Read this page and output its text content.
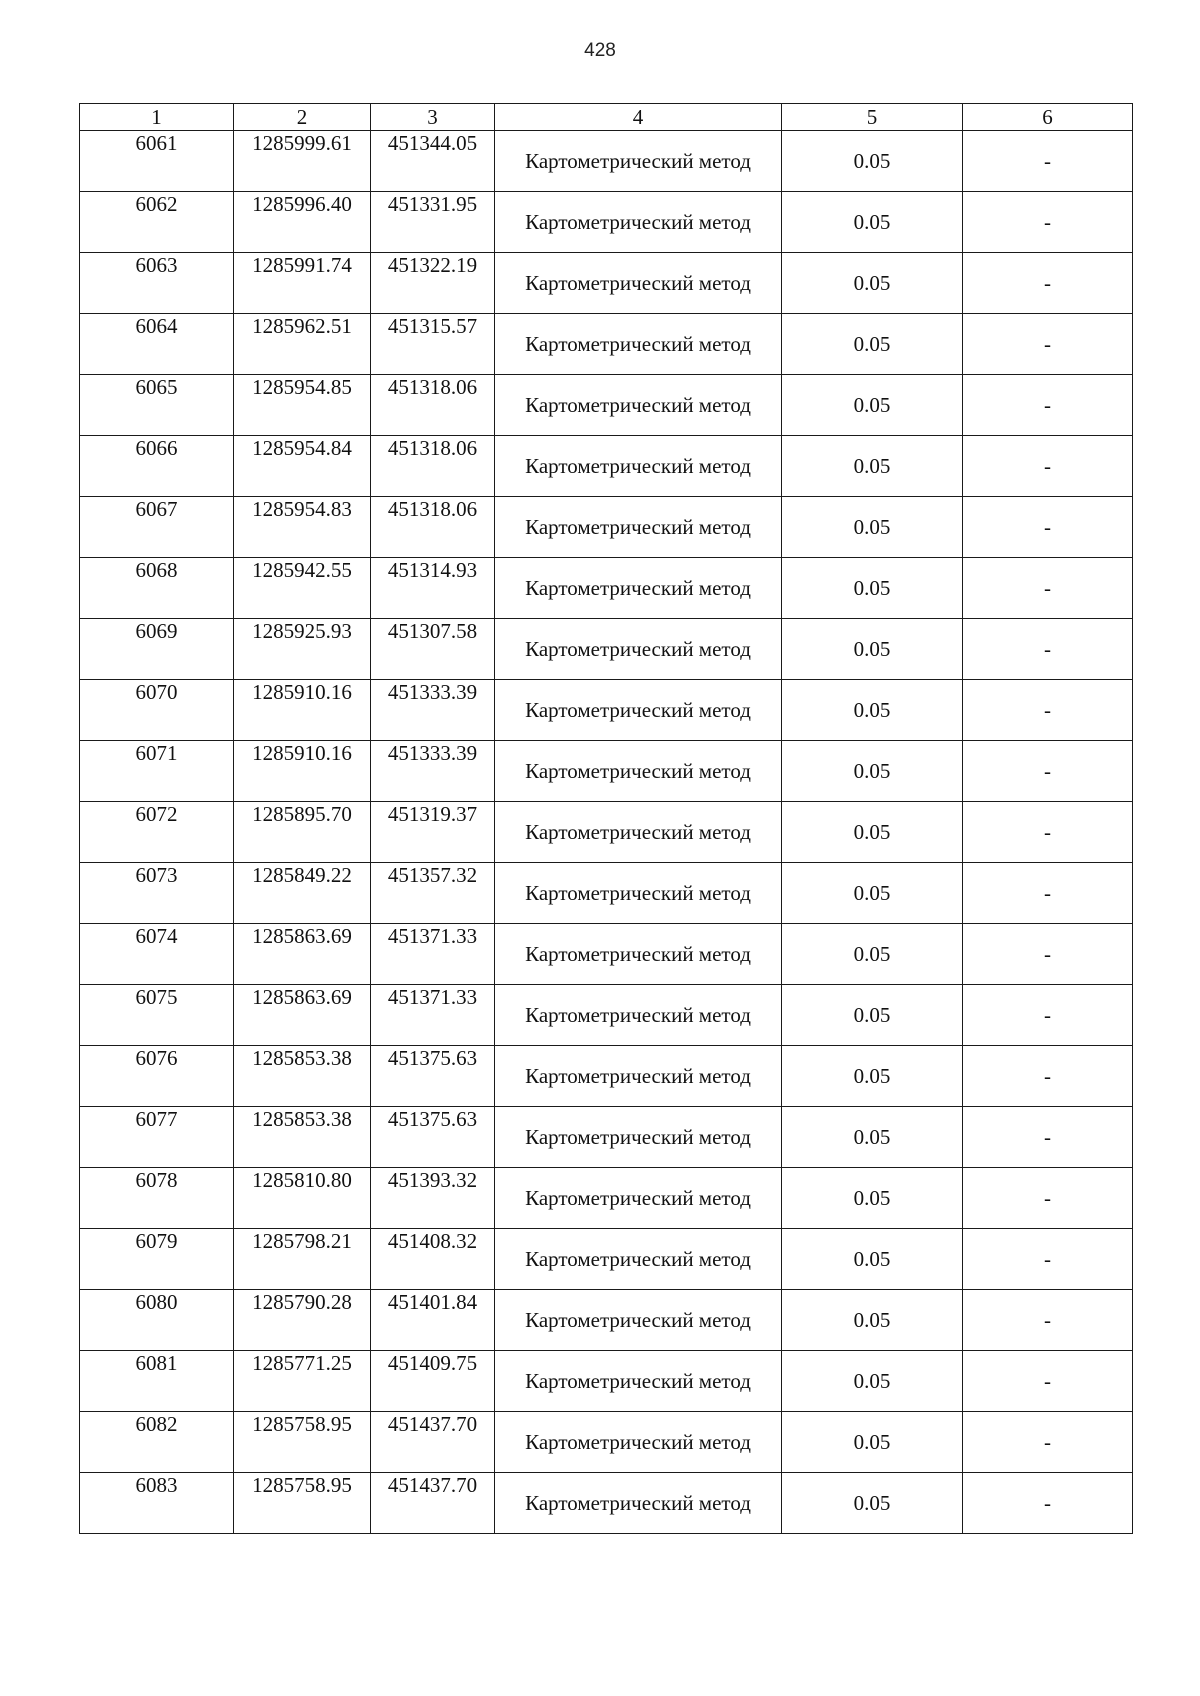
428
1	2	3	4	5	6
6061	1285999.61	451344.05	Картометрический метод	0.05	-
6062	1285996.40	451331.95	Картометрический метод	0.05	-
6063	1285991.74	451322.19	Картометрический метод	0.05	-
6064	1285962.51	451315.57	Картометрический метод	0.05	-
6065	1285954.85	451318.06	Картометрический метод	0.05	-
6066	1285954.84	451318.06	Картометрический метод	0.05	-
6067	1285954.83	451318.06	Картометрический метод	0.05	-
6068	1285942.55	451314.93	Картометрический метод	0.05	-
6069	1285925.93	451307.58	Картометрический метод	0.05	-
6070	1285910.16	451333.39	Картометрический метод	0.05	-
6071	1285910.16	451333.39	Картометрический метод	0.05	-
6072	1285895.70	451319.37	Картометрический метод	0.05	-
6073	1285849.22	451357.32	Картометрический метод	0.05	-
6074	1285863.69	451371.33	Картометрический метод	0.05	-
6075	1285863.69	451371.33	Картометрический метод	0.05	-
6076	1285853.38	451375.63	Картометрический метод	0.05	-
6077	1285853.38	451375.63	Картометрический метод	0.05	-
6078	1285810.80	451393.32	Картометрический метод	0.05	-
6079	1285798.21	451408.32	Картометрический метод	0.05	-
6080	1285790.28	451401.84	Картометрический метод	0.05	-
6081	1285771.25	451409.75	Картометрический метод	0.05	-
6082	1285758.95	451437.70	Картометрический метод	0.05	-
6083	1285758.95	451437.70	Картометрический метод	0.05	-
